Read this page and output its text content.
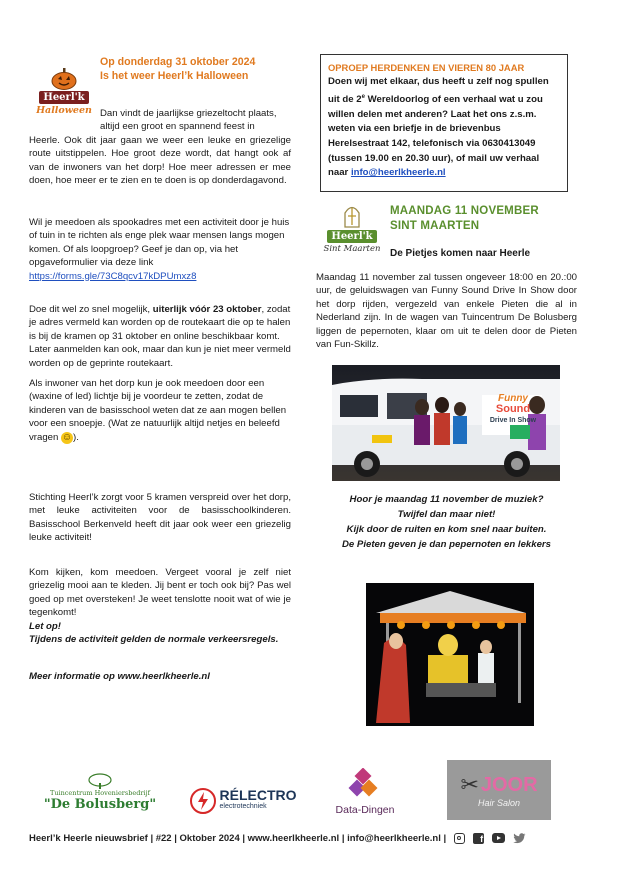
Heerl'k
Halloween
Op donderdag 31 oktober 2024
Is het weer Heerl’k Halloween

Dan vindt de jaarlijkse griezeltocht plaats,
altijd een groot en spannend feest in

Heerle. Ook dit jaar gaan we weer een leuke en griezelige route uitstippelen. Hoe groot deze wordt, dat hangt ook af van de inwoners van het dorp! Hoe meer adressen er mee doen, hoe meer er te zien en te doen is op donderdagavond.

Wil je meedoen als spookadres met een activiteit door je huis of tuin in te richten als enge plek waar mensen langs mogen komen. Of als loopgroep? Geef je dan op, via het opgaveformulier via deze link
https://forms.gle/73C8qcv17kDPUmxz8

Doe dit wel zo snel mogelijk, uiterlijk vóór 23 oktober, zodat je adres vermeld kan worden op de routekaart die op te halen is bij de kramen op 31 oktober en online beschikbaar komt. Later aanmelden kan ook, maar dan kun je niet meer vermeld worden op de geprinte routekaart.

Als inwoner van het dorp kun je ook meedoen door een (waxine of led) lichtje bij je voordeur te zetten, zodat de kinderen van de basisschool weten dat ze aan mogen bellen voor een snoepje. (Wat ze natuurlijk altijd netjes en beleefd vragen ☺).

Stichting Heerl’k zorgt voor 5 kramen verspreid over het dorp, met leuke activiteiten voor de basisschoolkinderen. Basisschool Berkenveld heeft dit jaar ook weer een griezelig leuke activiteit!

Kom kijken, kom meedoen. Vergeet vooral je zelf niet griezelig mooi aan te kleden. Jij bent er toch ook bij? Pas wel goed op met oversteken! Je weet tenslotte nooit wat of wie je tegenkomt!
Let op!
Tijdens de activiteit gelden de normale verkeersregels.

Meer informatie op www.heerlkheerle.nl

OPROEP HERDENKEN EN VIEREN 80 JAAR
Doen wij met elkaar, dus heeft u zelf nog spullen uit de 2e Wereldoorlog of een verhaal wat u zou willen delen met anderen? Laat het ons z.s.m. weten via een briefje in de brievenbus Herelsestraat 142, telefonisch via 0630413049 (tussen 19.00 en 20.30 uur), of mail uw verhaal naar info@heerlkheerle.nl
Heerl'k
Sint Maarten
MAANDAG 11 NOVEMBER
SINT MAARTEN
De Pietjes komen naar Heerle

Maandag 11 november zal tussen ongeveer 18:00 en 20.:00 uur, de geluidswagen van Funny Sound Drive In Show door het dorp rijden, vergezeld van enkele Pieten die al in Nederland zijn. In de wagen van Tuincentrum De Bolusberg liggen de pepernoten, klaar om uit te delen door de Pieten van Fun-Skillz.

Funny
Sound
Drive In Show
Hoor je maandag 11 november de muziek?
Twijfel dan maar niet!
Kijk door de ruiten en kom snel naar buiten.
De Pieten geven je dan pepernoten en lekkers
Tuincentrum Hoveniersbedrijf
"De Bolusberg"
RÉLECTRO
electrotechniek	Data-Dingen
✂ JOOR
Hair Salon
Heerl’k Heerle nieuwsbrief | #22 | Oktober 2024 | www.heerlkheerle.nl | info@heerlkheerle.nl |	f
